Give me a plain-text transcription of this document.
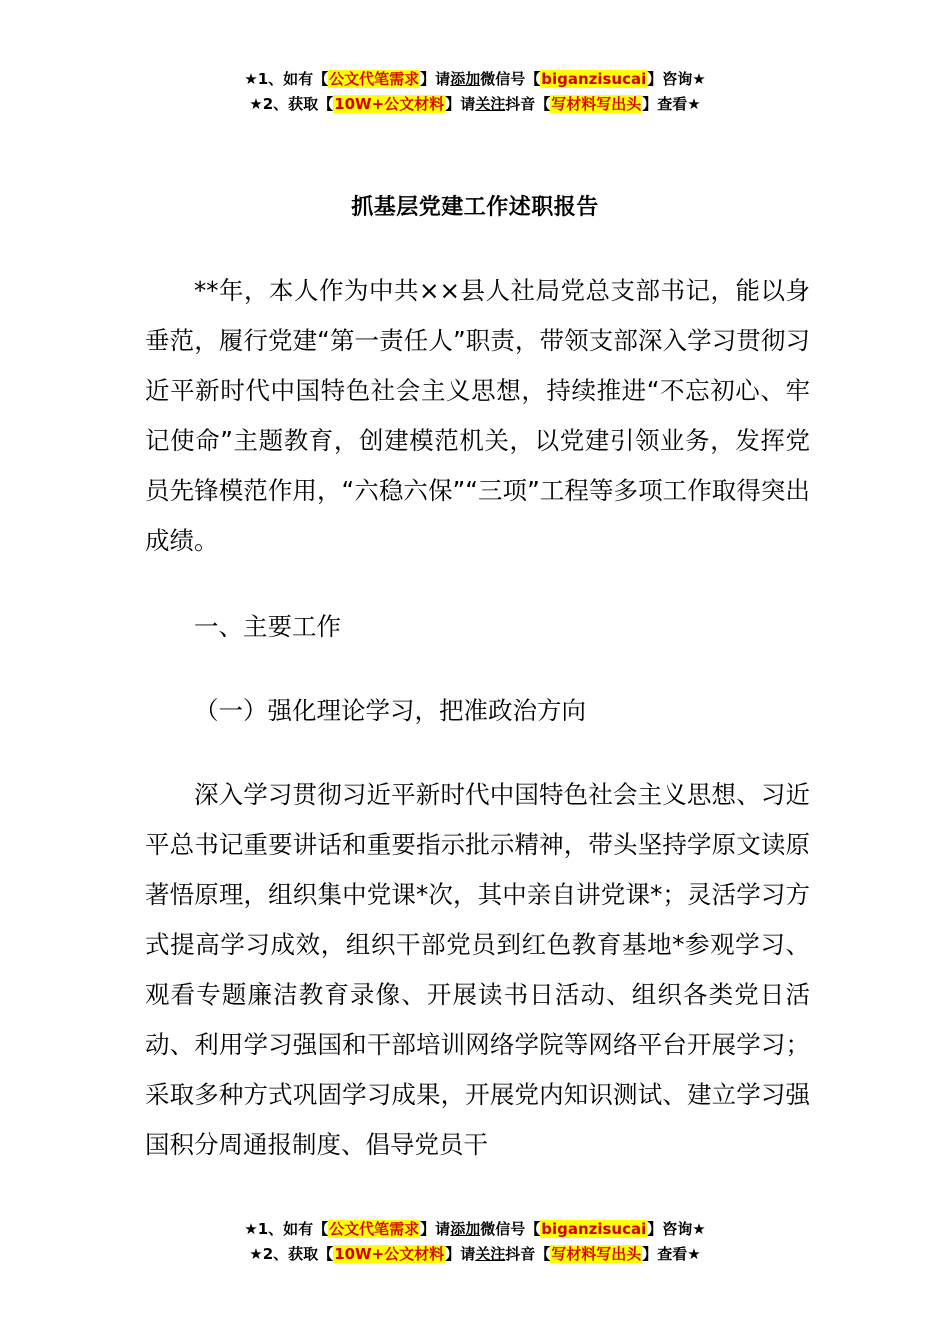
★1、如有【公文代笔需求】请添加微信号【biganzisucai】咨询★
★2、获取【10W+公文材料】请关注抖音【写材料写出头】查看★
抓基层党建工作述职报告

**年，本人作为中共××县人社局党总支部书记，能以身垂范，履行党建“第一责任人”职责，带领支部深入学习贯彻习近平新时代中国特色社会主义思想，持续推进“不忘初心、牢记使命”主题教育，创建模范机关，以党建引领业务，发挥党员先锋模范作用，“六稳六保”“三项”工程等多项工作取得突出成绩。

一、主要工作

（一）强化理论学习，把准政治方向

深入学习贯彻习近平新时代中国特色社会主义思想、习近平总书记重要讲话和重要指示批示精神，带头坚持学原文读原著悟原理，组织集中党课*次，其中亲自讲党课*；灵活学习方式提高学习成效，组织干部党员到红色教育基地*参观学习、观看专题廉洁教育录像、开展读书日活动、组织各类党日活动、利用学习强国和干部培训网络学院等网络平台开展学习；采取多种方式巩固学习成果，开展党内知识测试、建立学习强国积分周通报制度、倡导党员干

★1、如有【公文代笔需求】请添加微信号【biganzisucai】咨询★
★2、获取【10W+公文材料】请关注抖音【写材料写出头】查看★
